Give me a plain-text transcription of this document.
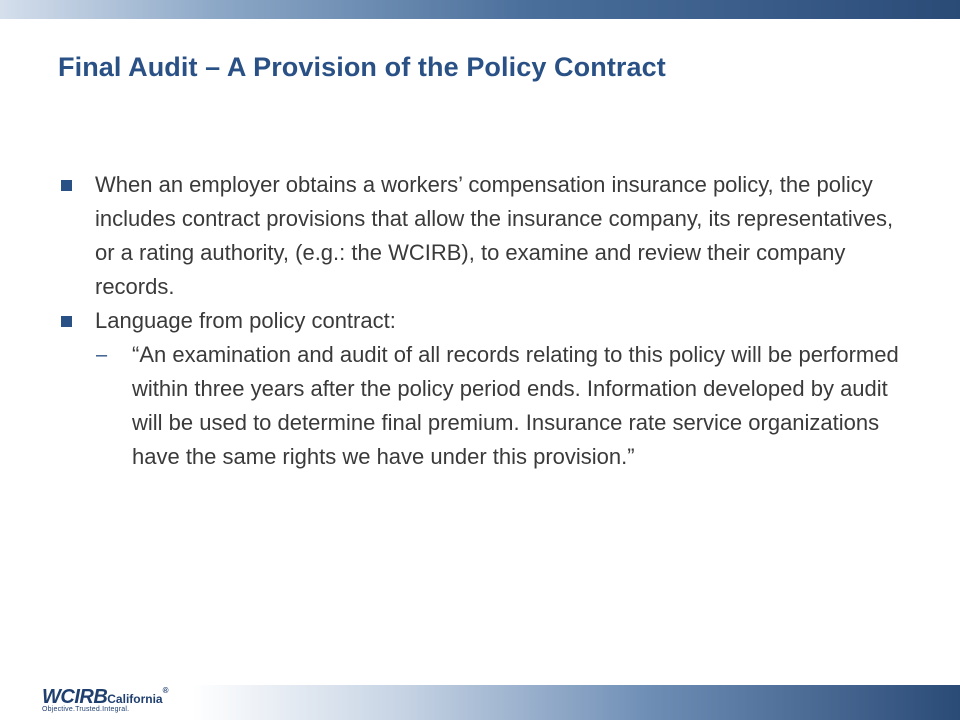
Final Audit – A Provision of the Policy Contract
When an employer obtains a workers’ compensation insurance policy, the policy includes contract provisions that allow the insurance company, its representatives, or a rating authority, (e.g.: the WCIRB), to examine and review their company records.
Language from policy contract:
– “An examination and audit of all records relating to this policy will be performed within three years after the policy period ends. Information developed by audit will be used to determine final premium. Insurance rate service organizations have the same rights we have under this provision.”
WCIRBCalifornia®
Objective.Trusted.Integral.
